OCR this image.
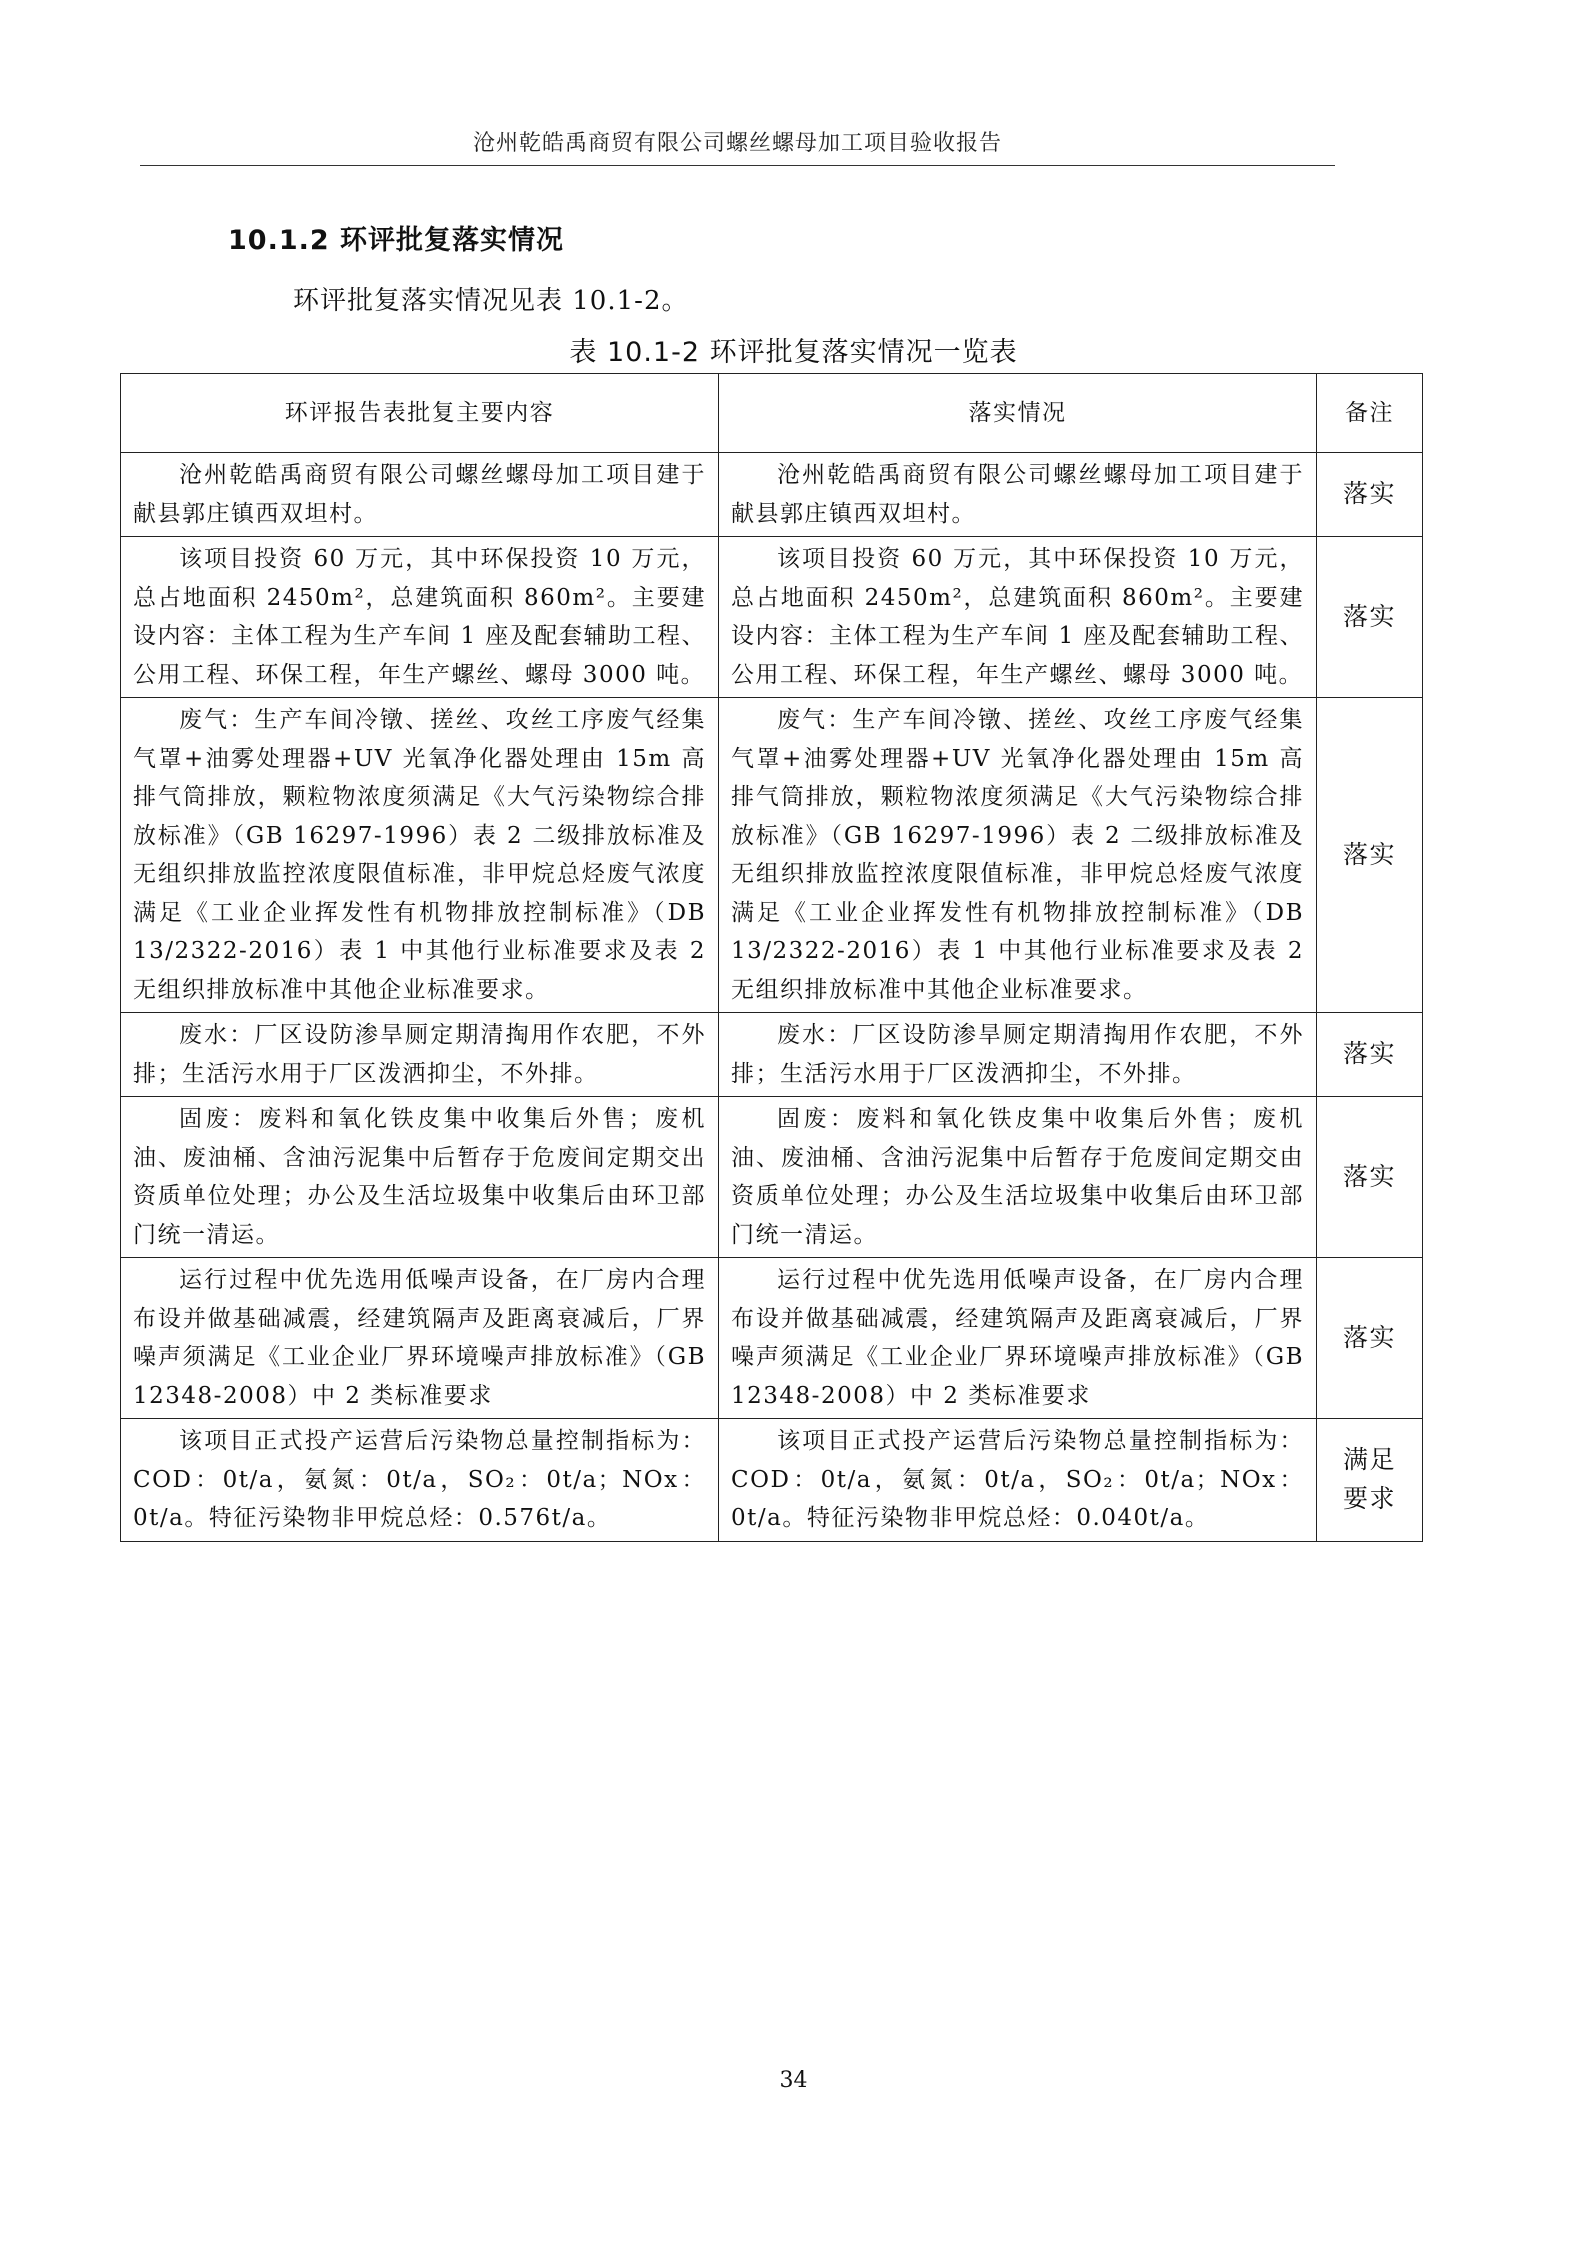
沧州乾皓禹商贸有限公司螺丝螺母加工项目验收报告
10.1.2 环评批复落实情况
环评批复落实情况见表 10.1-2。
表 10.1-2 环评批复落实情况一览表
环评报告表批复主要内容	落实情况	备注
沧州乾皓禹商贸有限公司螺丝螺母加工项目建于献县郭庄镇西双坦村。	沧州乾皓禹商贸有限公司螺丝螺母加工项目建于献县郭庄镇西双坦村。	落实
该项目投资 60 万元，其中环保投资 10 万元，总占地面积 2450m²，总建筑面积 860m²。主要建设内容：主体工程为生产车间 1 座及配套辅助工程、公用工程、环保工程，年生产螺丝、螺母 3000 吨。	该项目投资 60 万元，其中环保投资 10 万元，总占地面积 2450m²，总建筑面积 860m²。主要建设内容：主体工程为生产车间 1 座及配套辅助工程、公用工程、环保工程，年生产螺丝、螺母 3000 吨。	落实
废气：生产车间冷镦、搓丝、攻丝工序废气经集气罩+油雾处理器+UV 光氧净化器处理由 15m 高排气筒排放，颗粒物浓度须满足《大气污染物综合排放标准》（GB 16297-1996）表 2 二级排放标准及无组织排放监控浓度限值标准，非甲烷总烃废气浓度满足《工业企业挥发性有机物排放控制标准》（DB 13/2322-2016）表 1 中其他行业标准要求及表 2 无组织排放标准中其他企业标准要求。	废气：生产车间冷镦、搓丝、攻丝工序废气经集气罩+油雾处理器+UV 光氧净化器处理由 15m 高排气筒排放，颗粒物浓度须满足《大气污染物综合排放标准》（GB 16297-1996）表 2 二级排放标准及无组织排放监控浓度限值标准，非甲烷总烃废气浓度满足《工业企业挥发性有机物排放控制标准》（DB 13/2322-2016）表 1 中其他行业标准要求及表 2 无组织排放标准中其他企业标准要求。	落实
废水：厂区设防渗旱厕定期清掏用作农肥，不外排；生活污水用于厂区泼洒抑尘，不外排。	废水：厂区设防渗旱厕定期清掏用作农肥，不外排；生活污水用于厂区泼洒抑尘，不外排。	落实
固废：废料和氧化铁皮集中收集后外售；废机油、废油桶、含油污泥集中后暂存于危废间定期交出资质单位处理；办公及生活垃圾集中收集后由环卫部门统一清运。	固废：废料和氧化铁皮集中收集后外售；废机油、废油桶、含油污泥集中后暂存于危废间定期交由资质单位处理；办公及生活垃圾集中收集后由环卫部门统一清运。	落实
运行过程中优先选用低噪声设备，在厂房内合理布设并做基础减震，经建筑隔声及距离衰减后，厂界噪声须满足《工业企业厂界环境噪声排放标准》（GB 12348-2008）中 2 类标准要求	运行过程中优先选用低噪声设备，在厂房内合理布设并做基础减震，经建筑隔声及距离衰减后，厂界噪声须满足《工业企业厂界环境噪声排放标准》（GB 12348-2008）中 2 类标准要求	落实
该项目正式投产运营后污染物总量控制指标为：COD：0t/a，氨氮：0t/a，SO₂：0t/a；NOx：0t/a。特征污染物非甲烷总烃：0.576t/a。	该项目正式投产运营后污染物总量控制指标为：COD：0t/a，氨氮：0t/a，SO₂：0t/a；NOx：0t/a。特征污染物非甲烷总烃：0.040t/a。	满足
要求
34
